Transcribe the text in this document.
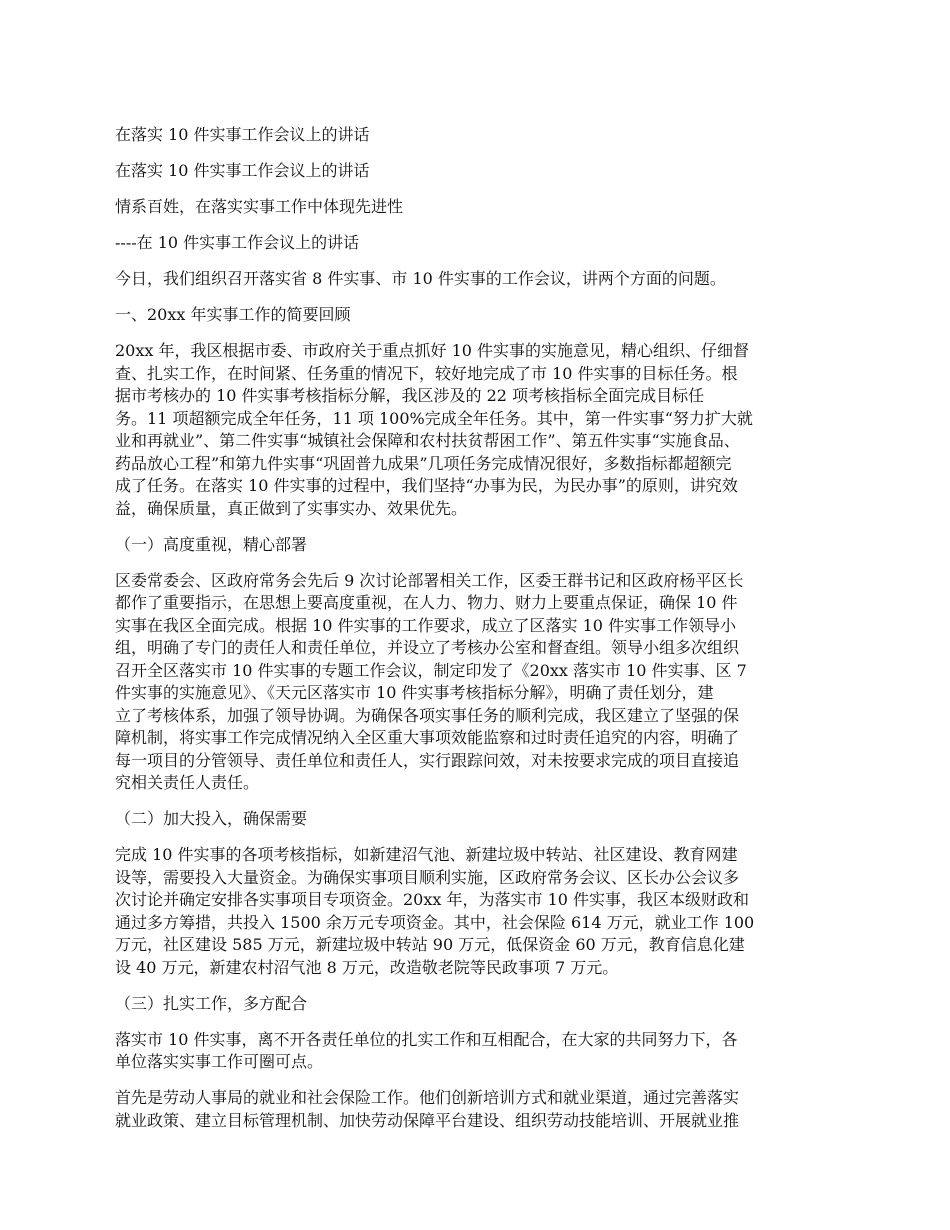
在落实 10 件实事工作会议上的讲话
在落实 10 件实事工作会议上的讲话
情系百姓，在落实实事工作中体现先进性
----在 10 件实事工作会议上的讲话
今日，我们组织召开落实省 8 件实事、市 10 件实事的工作会议，讲两个方面的问题。
一、20xx 年实事工作的简要回顾
20xx 年，我区根据市委、市政府关于重点抓好 10 件实事的实施意见，精心组织、仔细督
查、扎实工作，在时间紧、任务重的情况下，较好地完成了市 10 件实事的目标任务。根
据市考核办的 10 件实事考核指标分解，我区涉及的 22 项考核指标全面完成目标任
务。11 项超额完成全年任务，11 项 100%完成全年任务。其中，第一件实事“努力扩大就
业和再就业”、第二件实事“城镇社会保障和农村扶贫帮困工作”、第五件实事“实施食品、
药品放心工程”和第九件实事“巩固普九成果”几项任务完成情况很好，多数指标都超额完
成了任务。在落实 10 件实事的过程中，我们坚持“办事为民，为民办事”的原则，讲究效
益，确保质量，真正做到了实事实办、效果优先。
（一）高度重视，精心部署
区委常委会、区政府常务会先后 9 次讨论部署相关工作，区委王群书记和区政府杨平区长
都作了重要指示，在思想上要高度重视，在人力、物力、财力上要重点保证，确保 10 件
实事在我区全面完成。根据 10 件实事的工作要求，成立了区落实 10 件实事工作领导小
组，明确了专门的责任人和责任单位，并设立了考核办公室和督查组。领导小组多次组织
召开全区落实市 10 件实事的专题工作会议，制定印发了《20xx 落实市 10 件实事、区 7
件实事的实施意见》、《天元区落实市 10 件实事考核指标分解》，明确了责任划分，建
立了考核体系，加强了领导协调。为确保各项实事任务的顺利完成，我区建立了坚强的保
障机制，将实事工作完成情况纳入全区重大事项效能监察和过时责任追究的内容，明确了
每一项目的分管领导、责任单位和责任人，实行跟踪问效，对未按要求完成的项目直接追
究相关责任人责任。
（二）加大投入，确保需要
完成 10 件实事的各项考核指标，如新建沼气池、新建垃圾中转站、社区建设、教育网建
设等，需要投入大量资金。为确保实事项目顺利实施，区政府常务会议、区长办公会议多
次讨论并确定安排各实事项目专项资金。20xx 年，为落实市 10 件实事，我区本级财政和
通过多方筹措，共投入 1500 余万元专项资金。其中，社会保险 614 万元，就业工作 100
万元，社区建设 585 万元，新建垃圾中转站 90 万元，低保资金 60 万元，教育信息化建
设 40 万元，新建农村沼气池 8 万元，改造敬老院等民政事项 7 万元。
（三）扎实工作，多方配合
落实市 10 件实事，离不开各责任单位的扎实工作和互相配合，在大家的共同努力下，各
单位落实实事工作可圈可点。
首先是劳动人事局的就业和社会保险工作。他们创新培训方式和就业渠道，通过完善落实
就业政策、建立目标管理机制、加快劳动保障平台建设、组织劳动技能培训、开展就业推
